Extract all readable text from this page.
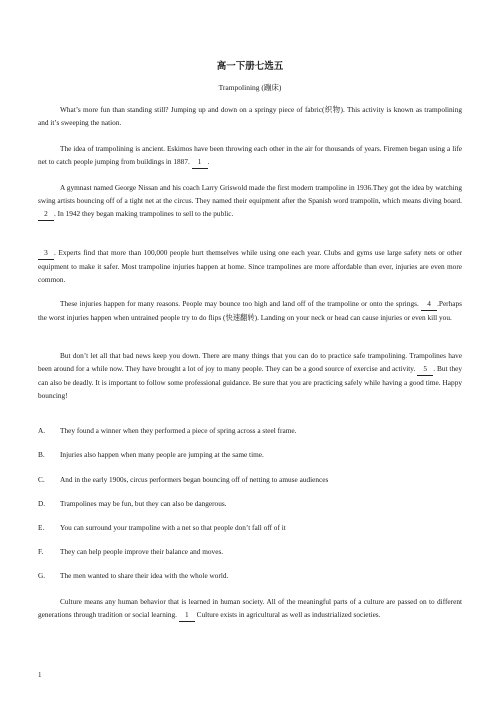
高一下册七选五

Trampolining (蹦床)

What’s more fun than standing still? Jumping up and down on a springy piece of fabric(织物). This activity is known as trampolining and it’s sweeping the nation.

The idea of trampolining is ancient. Eskimos have been throwing each other in the air for thousands of years. Firemen began using a life net to catch people jumping from buildings in 1887. 1 .

A gymnast named George Nissan and his coach Larry Griswold made the first modern trampoline in 1936.They got the idea by watching swing artists bouncing off of a tight net at the circus. They named their equipment after the Spanish word trampolín, which means diving board. 2 . In 1942 they began making trampolines to sell to the public.

3 . Experts find that more than 100,000 people hurt themselves while using one each year. Clubs and gyms use large safety nets or other equipment to make it safer. Most trampoline injuries happen at home. Since trampolines are more affordable than ever, injuries are even more common.

These injuries happen for many reasons. People may bounce too high and land off of the trampoline or onto the springs. 4 .Perhaps the worst injuries happen when untrained people try to do flips (快速翻转). Landing on your neck or head can cause injuries or even kill you.

But don’t let all that bad news keep you down. There are many things that you can do to practice safe trampolining. Trampolines have been around for a while now. They have brought a lot of joy to many people. They can be a good source of exercise and activity. 5 . But they can also be deadly. It is important to follow some professional guidance. Be sure that you are practicing safely while having a good time. Happy bouncing!

A. They found a winner when they performed a piece of spring across a steel frame.

B. Injuries also happen when many people are jumping at the same time.

C. And in the early 1900s, circus performers began bouncing off of netting to amuse audiences

D. Trampolines may be fun, but they can also be dangerous.

E. You can surround your trampoline with a net so that people don’t fall off of it

F. They can help people improve their balance and moves.

G. The men wanted to share their idea with the whole world.

Culture means any human behavior that is learned in human society. All of the meaningful parts of a culture are passed on to different generations through tradition or social learning. 1 Culture exists in agricultural as well as industrialized societies.

1
